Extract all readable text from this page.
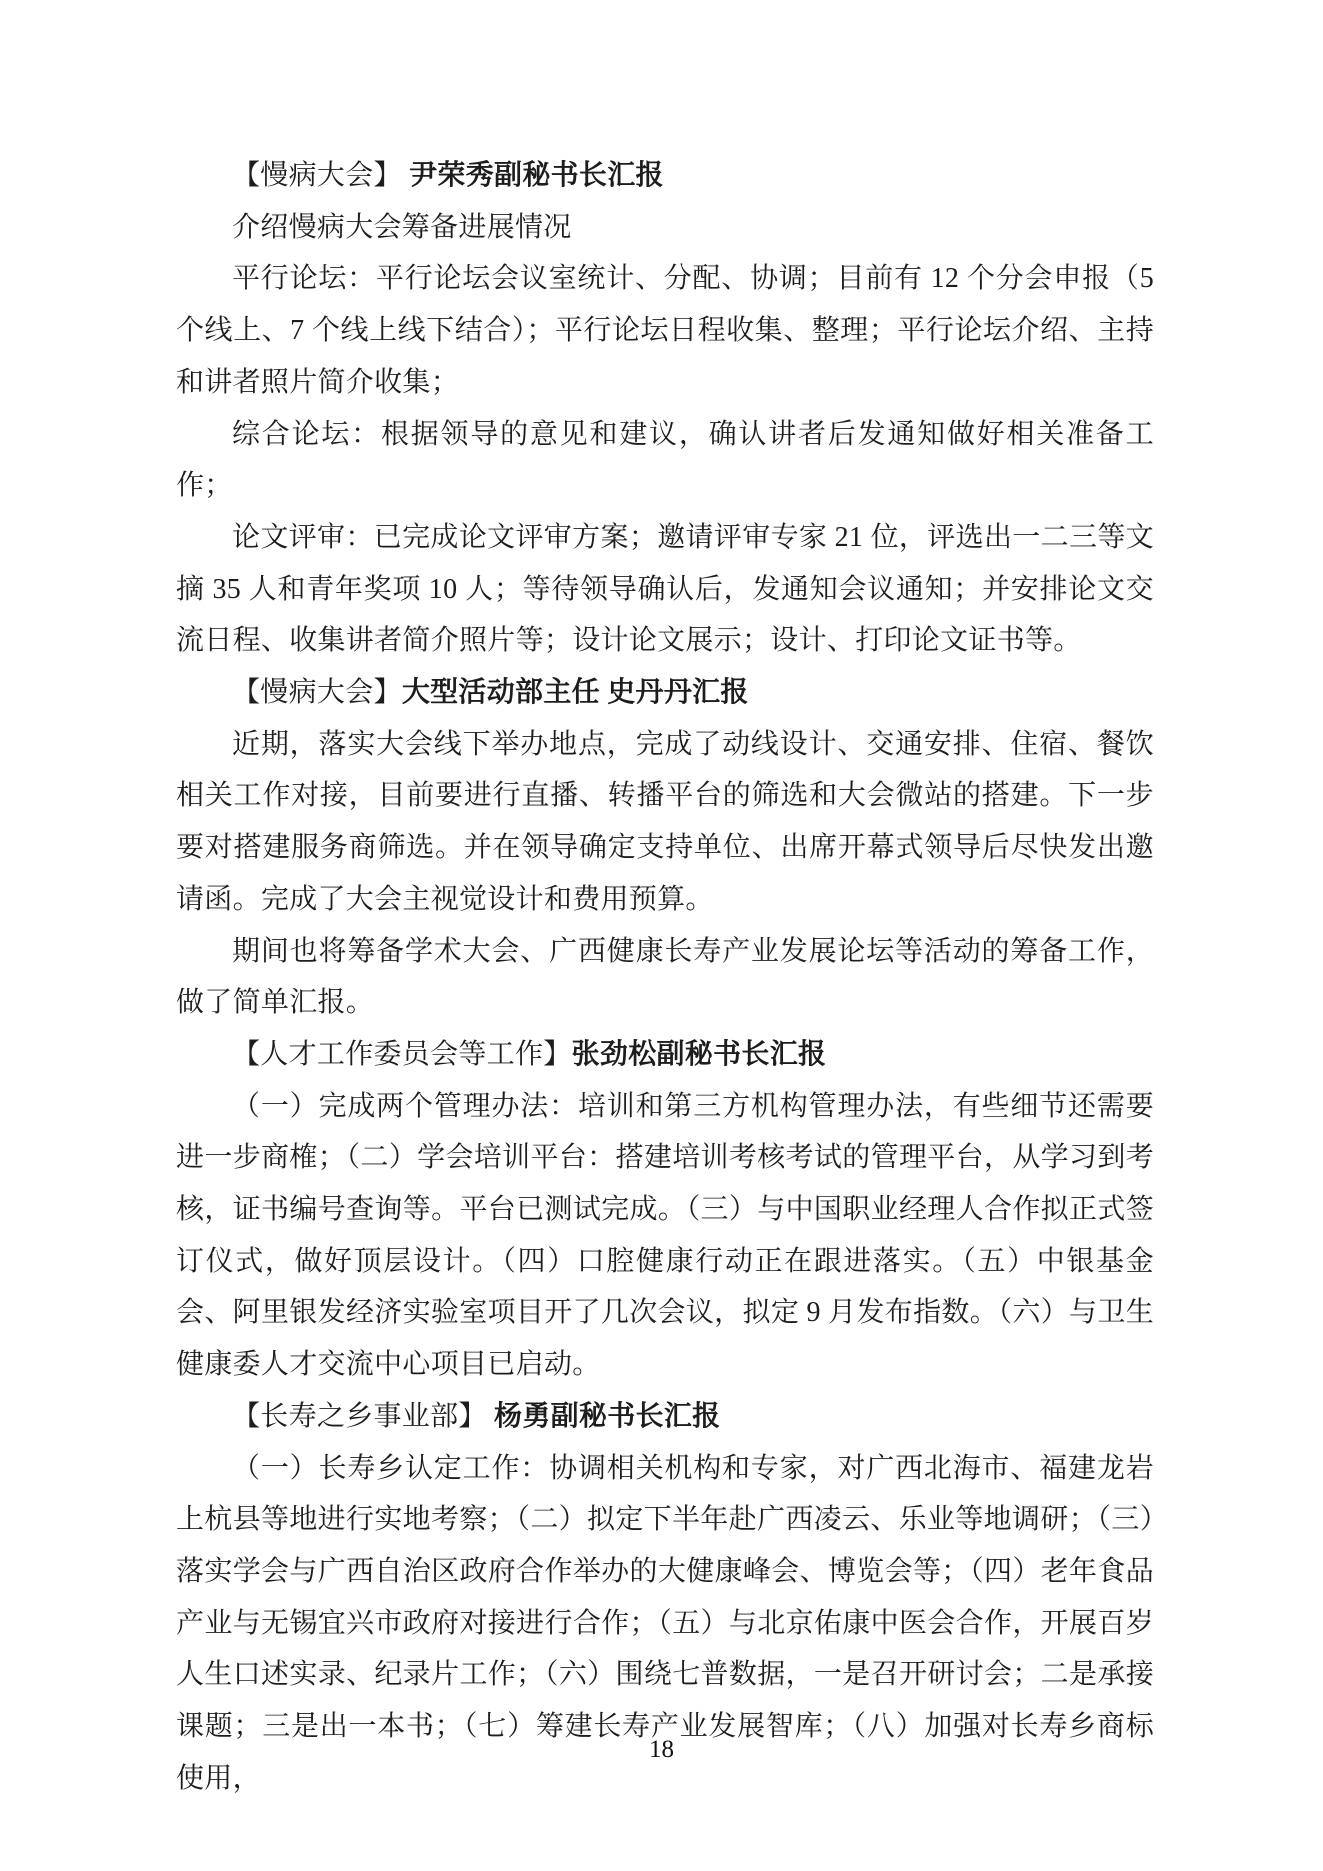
【慢病大会】 尹荣秀副秘书长汇报

介绍慢病大会筹备进展情况

平行论坛：平行论坛会议室统计、分配、协调；目前有 12 个分会申报（5 个线上、7 个线上线下结合）；平行论坛日程收集、整理；平行论坛介绍、主持和讲者照片简介收集；

综合论坛：根据领导的意见和建议，确认讲者后发通知做好相关准备工作；

论文评审：已完成论文评审方案；邀请评审专家 21 位，评选出一二三等文摘 35 人和青年奖项 10 人；等待领导确认后，发通知会议通知；并安排论文交流日程、收集讲者简介照片等；设计论文展示；设计、打印论文证书等。

【慢病大会】大型活动部主任 史丹丹汇报

近期，落实大会线下举办地点，完成了动线设计、交通安排、住宿、餐饮相关工作对接，目前要进行直播、转播平台的筛选和大会微站的搭建。下一步要对搭建服务商筛选。并在领导确定支持单位、出席开幕式领导后尽快发出邀请函。完成了大会主视觉设计和费用预算。

期间也将筹备学术大会、广西健康长寿产业发展论坛等活动的筹备工作，做了简单汇报。

【人才工作委员会等工作】张劲松副秘书长汇报

（一）完成两个管理办法：培训和第三方机构管理办法，有些细节还需要进一步商榷；（二）学会培训平台：搭建培训考核考试的管理平台，从学习到考核，证书编号查询等。平台已测试完成。（三）与中国职业经理人合作拟正式签订仪式，做好顶层设计。（四）口腔健康行动正在跟进落实。（五）中银基金会、阿里银发经济实验室项目开了几次会议，拟定 9 月发布指数。（六）与卫生健康委人才交流中心项目已启动。

【长寿之乡事业部】 杨勇副秘书长汇报

（一）长寿乡认定工作：协调相关机构和专家，对广西北海市、福建龙岩上杭县等地进行实地考察；（二）拟定下半年赴广西凌云、乐业等地调研；（三）落实学会与广西自治区政府合作举办的大健康峰会、博览会等；（四）老年食品产业与无锡宜兴市政府对接进行合作；（五）与北京佑康中医会合作，开展百岁人生口述实录、纪录片工作；（六）围绕七普数据，一是召开研讨会；二是承接课题；三是出一本书；（七）筹建长寿产业发展智库；（八）加强对长寿乡商标使用，

18
